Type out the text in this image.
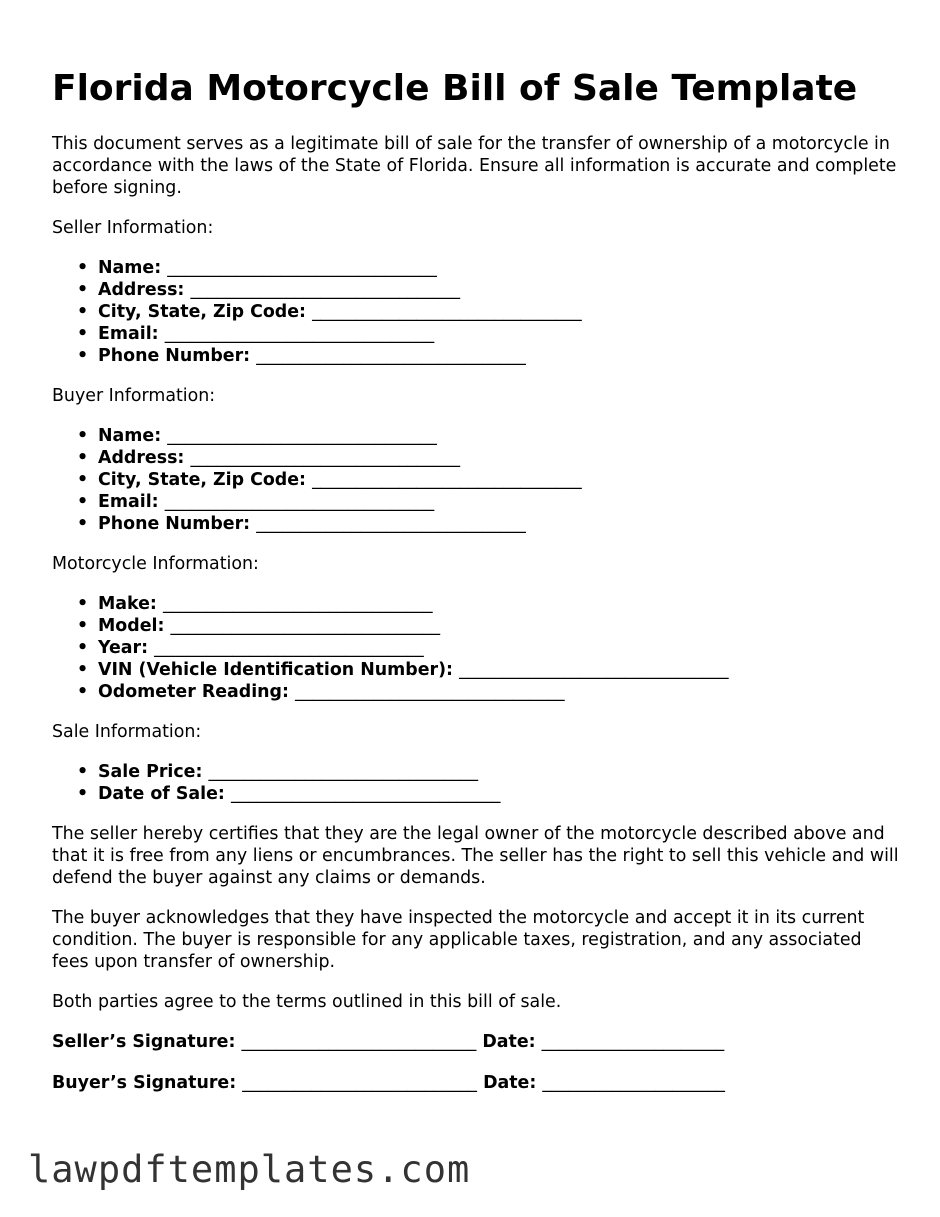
Florida Motorcycle Bill of Sale Template

This document serves as a legitimate bill of sale for the transfer of ownership of a motorcycle in accordance with the laws of the State of Florida. Ensure all information is accurate and complete before signing.

Seller Information:
• Name: _______________________________
• Address: _______________________________
• City, State, Zip Code: _______________________________
• Email: _______________________________
• Phone Number: _______________________________
Buyer Information:
• Name: _______________________________
• Address: _______________________________
• City, State, Zip Code: _______________________________
• Email: _______________________________
• Phone Number: _______________________________
Motorcycle Information:
• Make: _______________________________
• Model: _______________________________
• Year: _______________________________
• VIN (Vehicle Identification Number): _______________________________
• Odometer Reading: _______________________________
Sale Information:
• Sale Price: _______________________________
• Date of Sale: _______________________________

The seller hereby certifies that they are the legal owner of the motorcycle described above and that it is free from any liens or encumbrances. The seller has the right to sell this vehicle and will defend the buyer against any claims or demands.

The buyer acknowledges that they have inspected the motorcycle and accept it in its current condition. The buyer is responsible for any applicable taxes, registration, and any associated fees upon transfer of ownership.

Both parties agree to the terms outlined in this bill of sale.

Seller’s Signature: ___________________________ Date: _____________________
Buyer’s Signature: ___________________________ Date: _____________________
lawpdftemplates.com
